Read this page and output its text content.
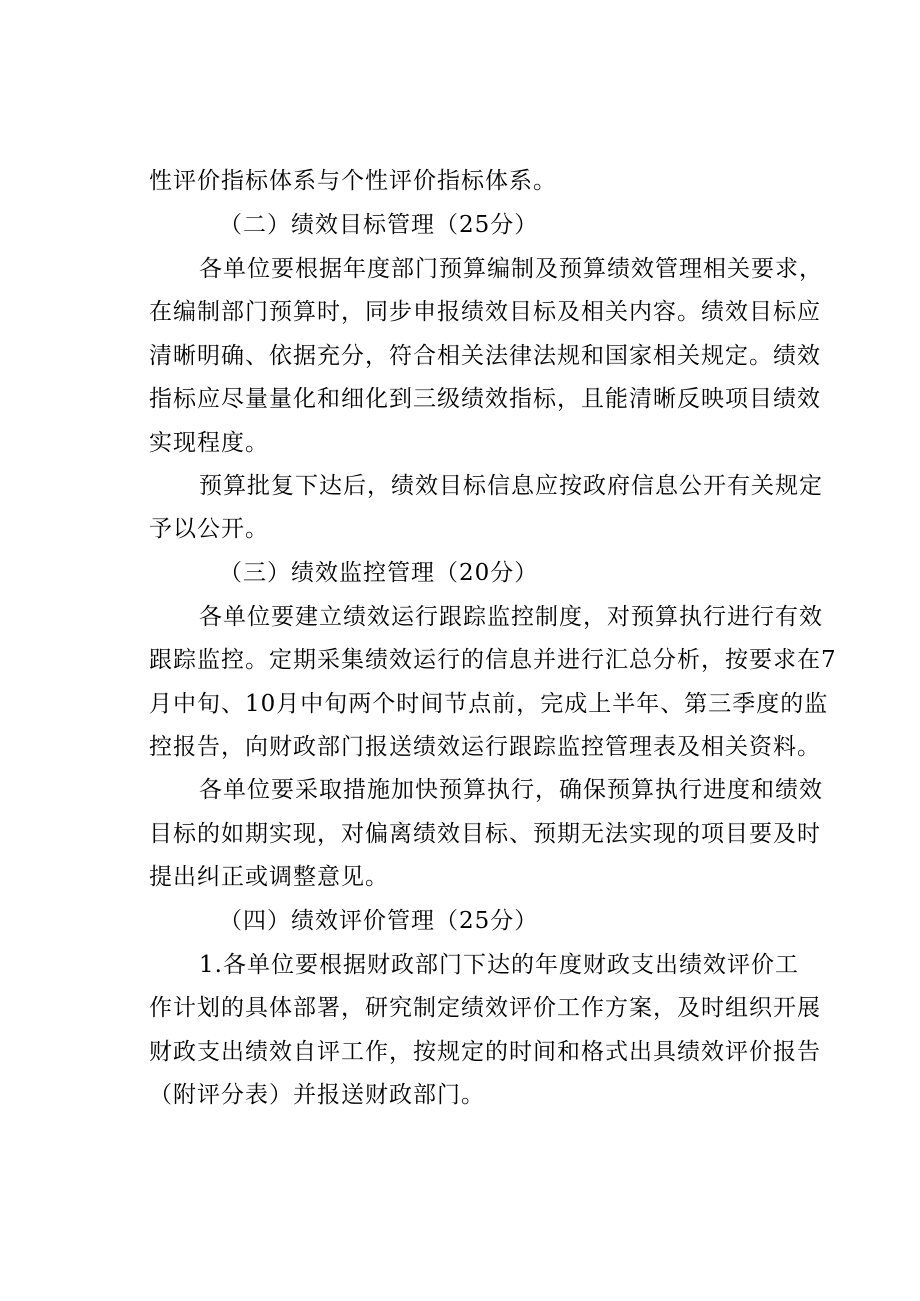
性评价指标体系与个性评价指标体系。
（二）绩效目标管理（25分）
各单位要根据年度部门预算编制及预算绩效管理相关要求，
在编制部门预算时，同步申报绩效目标及相关内容。绩效目标应
清晰明确、依据充分，符合相关法律法规和国家相关规定。绩效
指标应尽量量化和细化到三级绩效指标，且能清晰反映项目绩效
实现程度。
预算批复下达后，绩效目标信息应按政府信息公开有关规定
予以公开。
（三）绩效监控管理（20分）
各单位要建立绩效运行跟踪监控制度，对预算执行进行有效
跟踪监控。定期采集绩效运行的信息并进行汇总分析，按要求在7
月中旬、10月中旬两个时间节点前，完成上半年、第三季度的监
控报告，向财政部门报送绩效运行跟踪监控管理表及相关资料。
各单位要采取措施加快预算执行，确保预算执行进度和绩效
目标的如期实现，对偏离绩效目标、预期无法实现的项目要及时
提出纠正或调整意见。
（四）绩效评价管理（25分）
1.各单位要根据财政部门下达的年度财政支出绩效评价工
作计划的具体部署，研究制定绩效评价工作方案，及时组织开展
财政支出绩效自评工作，按规定的时间和格式出具绩效评价报告
（附评分表）并报送财政部门。
